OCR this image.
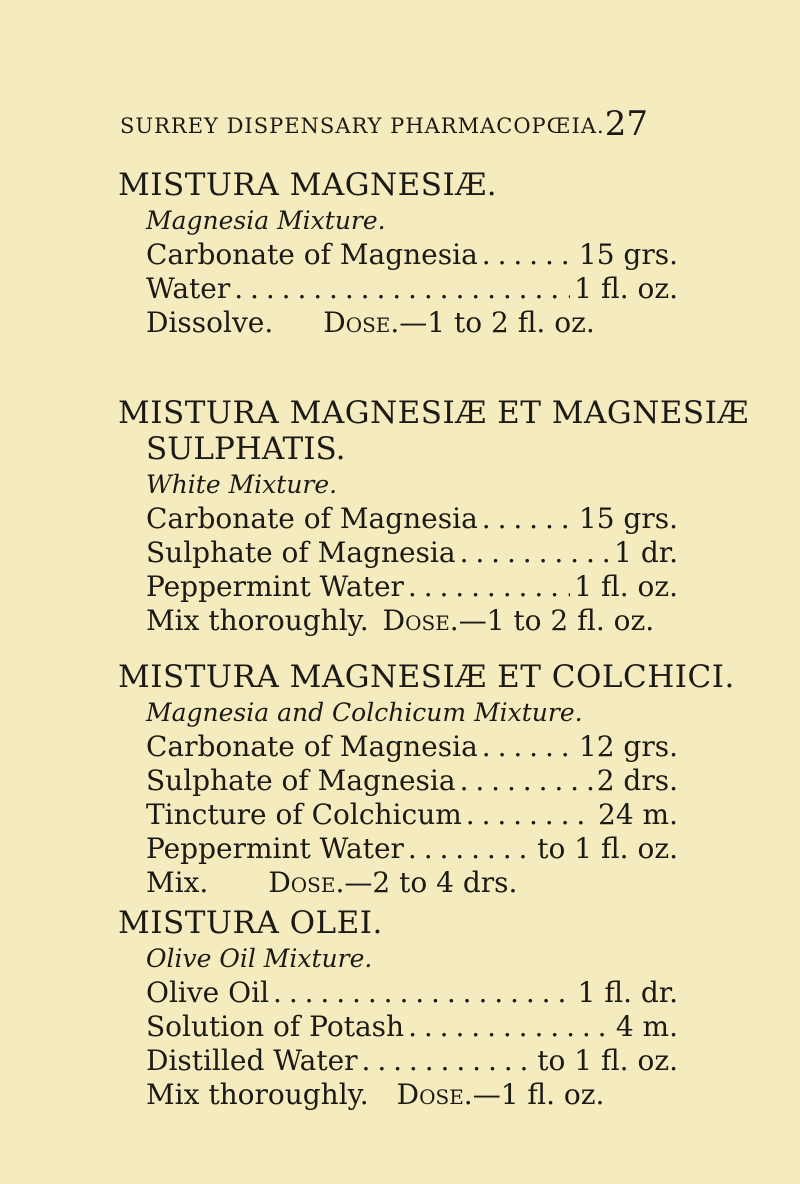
SURREY DISPENSARY PHARMACOPŒIA. 27
MISTURA MAGNESIÆ.
Magnesia Mixture.
Carbonate of Magnesia . . .	15 grs.
Water . . .	1 fl. oz.
Dissolve. Dose.—1 to 2 fl. oz.
MISTURA MAGNESIÆ ET MAGNESIÆ
SULPHATIS.
White Mixture.
Carbonate of Magnesia . . .	15 grs.
Sulphate of Magnesia . . .	1 dr.
Peppermint Water . . .	1 fl. oz.
Mix thoroughly. Dose.—1 to 2 fl. oz.
MISTURA MAGNESIÆ ET COLCHICI.
Magnesia and Colchicum Mixture.
Carbonate of Magnesia . . .	12 grs.
Sulphate of Magnesia . . .	2 drs.
Tincture of Colchicum . . .	24 m.
Peppermint Water . . .	to 1 fl. oz.
Mix. Dose.—2 to 4 drs.
MISTURA OLEI.
Olive Oil Mixture.
Olive Oil . . .	1 fl. dr.
Solution of Potash . . .	4 m.
Distilled Water . . .	to 1 fl. oz.
Mix thoroughly. Dose.—1 fl. oz.
